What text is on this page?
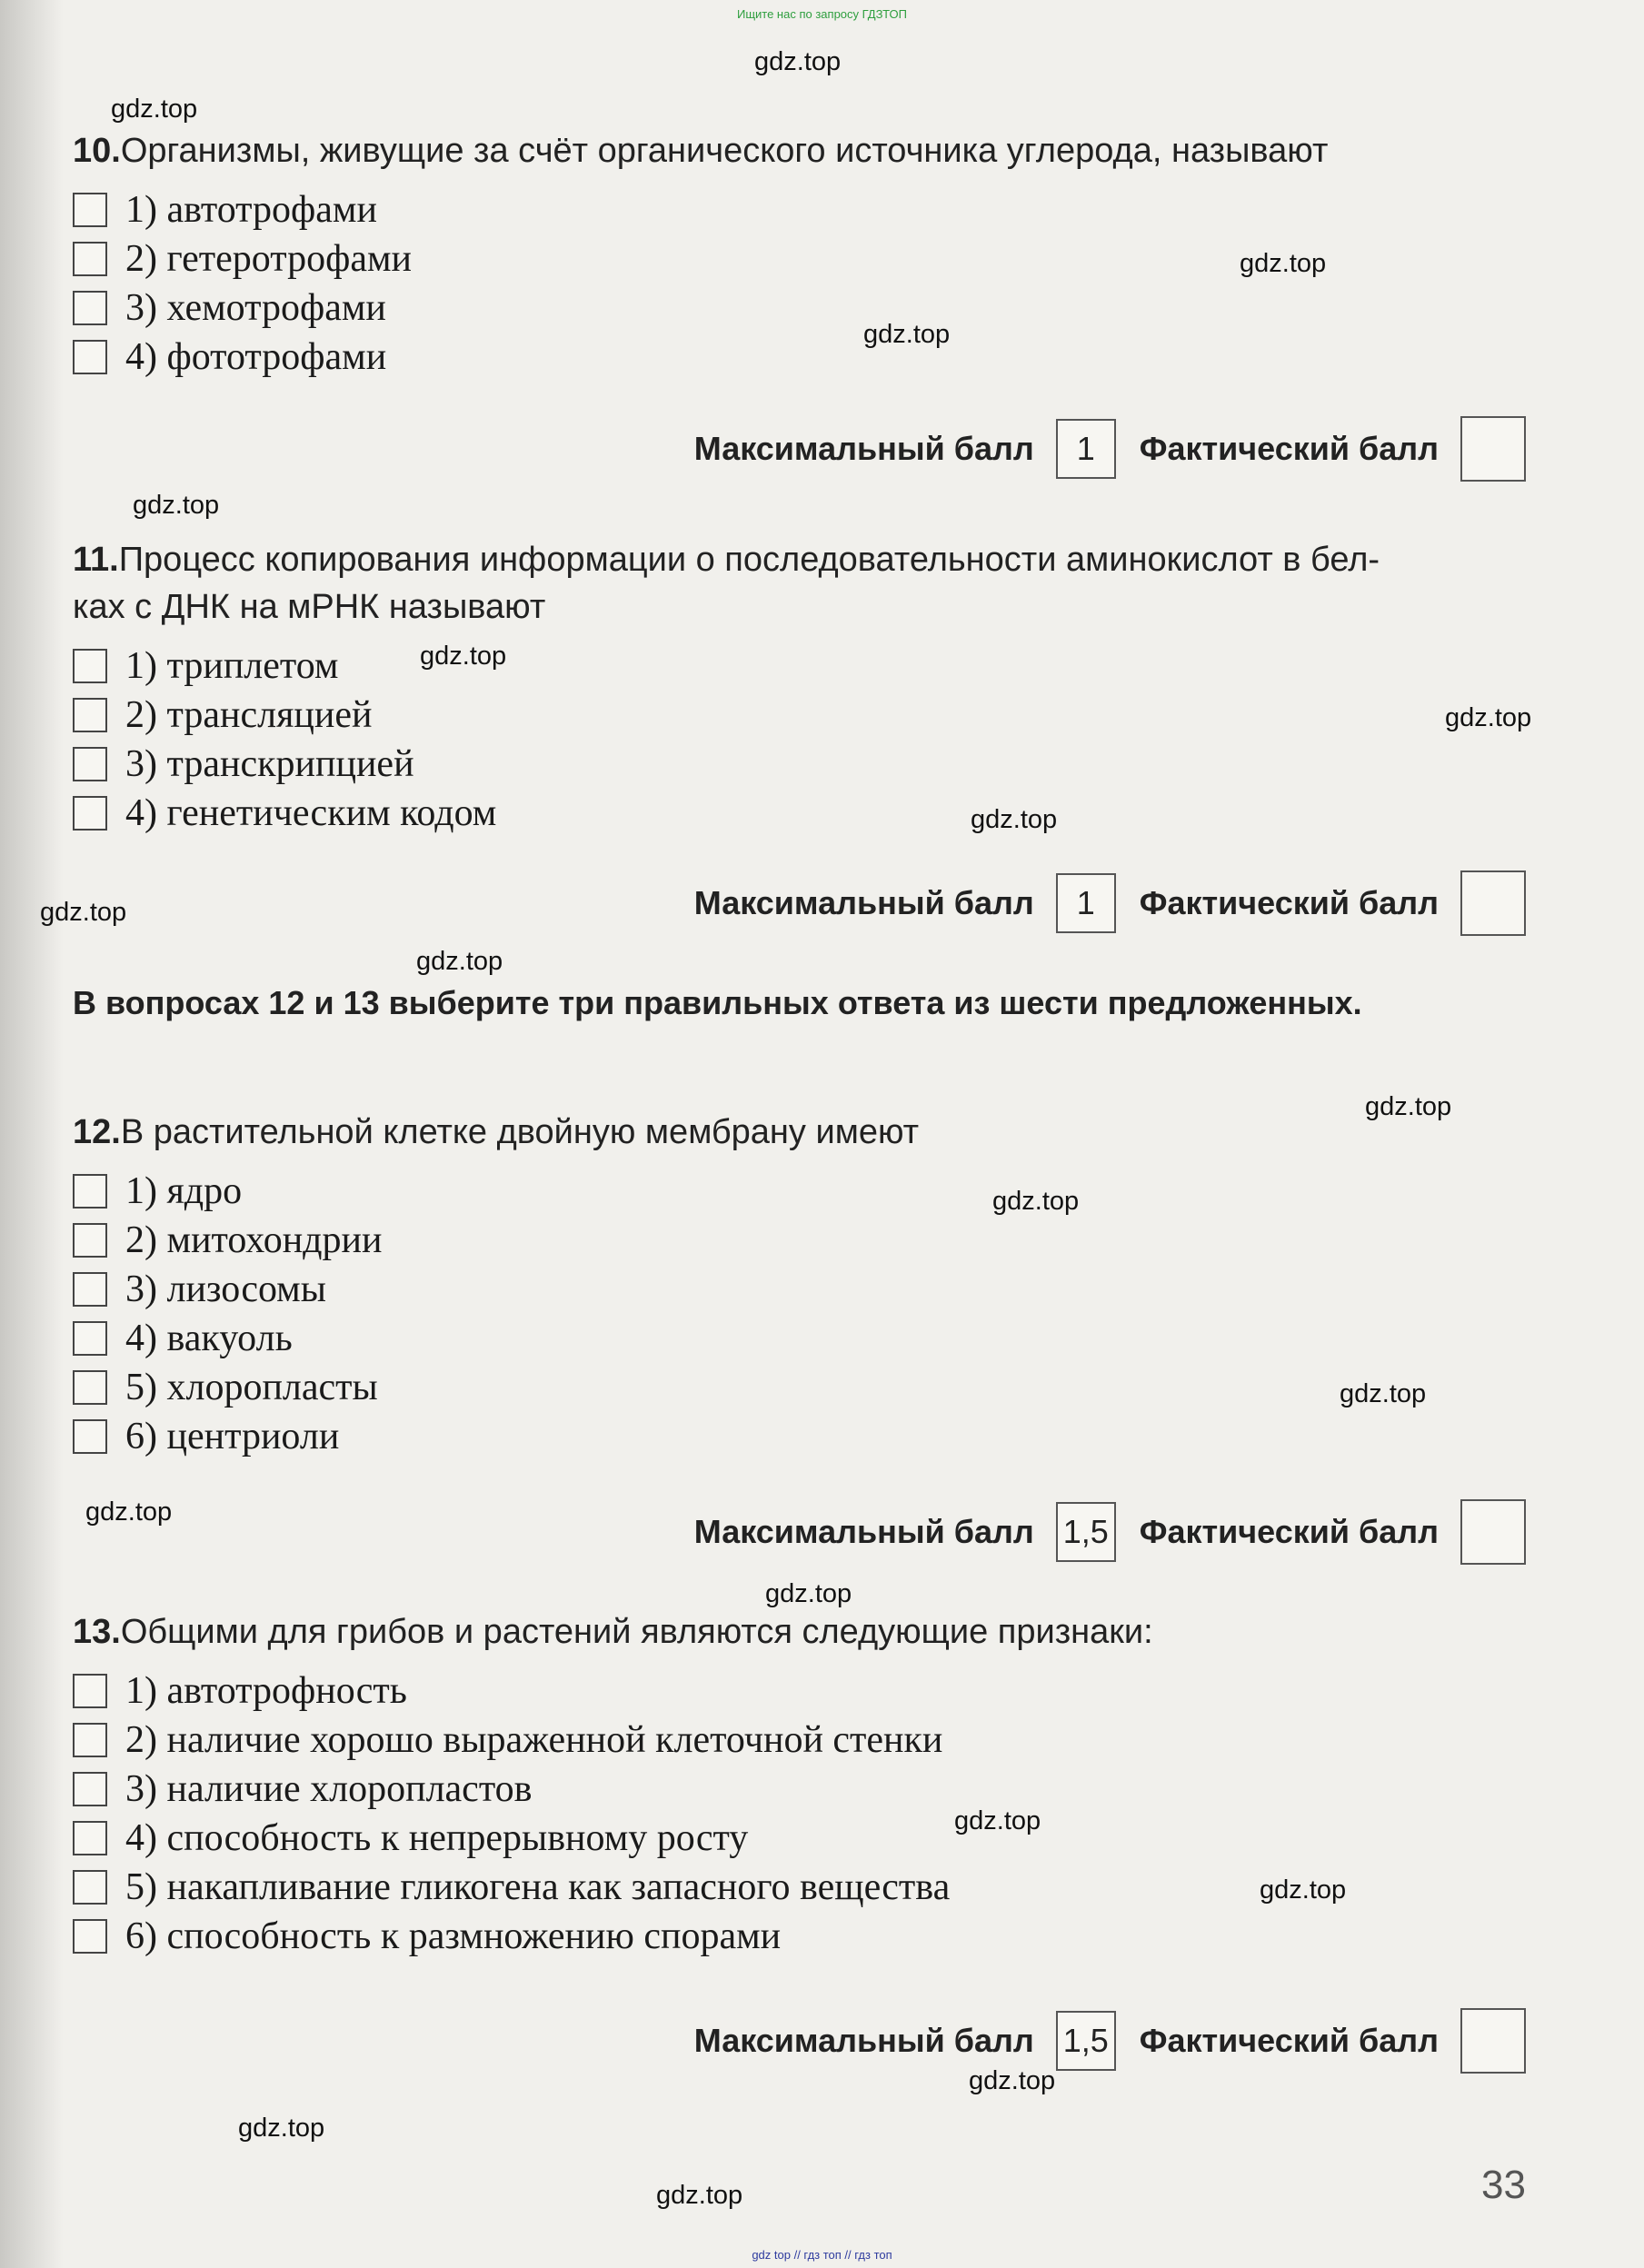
Ищите нас по запросу ГДЗТОП
gdz.top
gdz.top
gdz.top
gdz.top
gdz.top
gdz.top
gdz.top
gdz.top
gdz.top
gdz.top
gdz.top
gdz.top
gdz.top
gdz.top
gdz.top
gdz.top
gdz.top
gdz.top
gdz.top
gdz.top
10.Организмы, живущие за счёт органического источника углерода, называют
1) автотрофами
2) гетеротрофами
3) хемотрофами
4) фототрофами
Максимальный балл	1	Фактический балл
11.Процесс копирования информации о последовательности аминокислот в бел-
ках с ДНК на мРНК называют
1) триплетом
2) трансляцией
3) транскрипцией
4) генетическим кодом
Максимальный балл	1	Фактический балл
В вопросах 12 и 13 выберите три правильных ответа из шести предложенных.
12.В растительной клетке двойную мембрану имеют
1) ядро
2) митохондрии
3) лизосомы
4) вакуоль
5) хлоропласты
6) центриоли
Максимальный балл 1,5 Фактический балл
13.Общими для грибов и растений являются следующие признаки:
1) автотрофность
2) наличие хорошо выраженной клеточной стенки
3) наличие хлоропластов
4) способность к непрерывному росту
5) накапливание гликогена как запасного вещества
6) способность к размножению спорами
Максимальный балл 1,5 Фактический балл
33
gdz top // гдз топ // гдз топ
